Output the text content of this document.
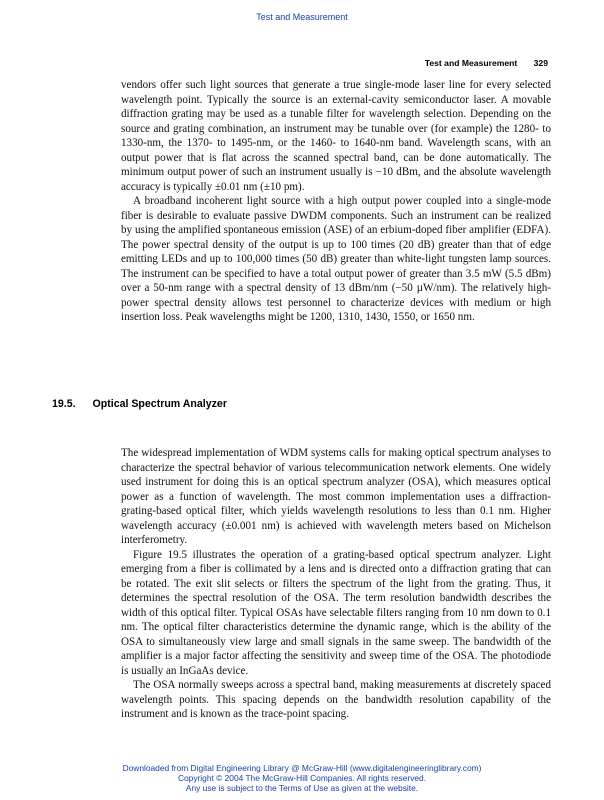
Test and Measurement
Test and Measurement 329

vendors offer such light sources that generate a true single-mode laser line for every selected wavelength point. Typically the source is an external-cavity semiconductor laser. A movable diffraction grating may be used as a tunable filter for wavelength selection. Depending on the source and grating combination, an instrument may be tunable over (for example) the 1280- to 1330-nm, the 1370- to 1495-nm, or the 1460- to 1640-nm band. Wavelength scans, with an output power that is flat across the scanned spectral band, can be done automatically. The minimum output power of such an instrument usually is −10 dBm, and the absolute wavelength accuracy is typically ±0.01 nm (±10 pm).

A broadband incoherent light source with a high output power coupled into a single-mode fiber is desirable to evaluate passive DWDM components. Such an instrument can be realized by using the amplified spontaneous emission (ASE) of an erbium-doped fiber amplifier (EDFA). The power spectral density of the output is up to 100 times (20 dB) greater than that of edge emitting LEDs and up to 100,000 times (50 dB) greater than white-light tungsten lamp sources. The instrument can be specified to have a total output power of greater than 3.5 mW (5.5 dBm) over a 50-nm range with a spectral density of 13 dBm/nm (−50 µW/nm). The relatively high-power spectral density allows test personnel to characterize devices with medium or high insertion loss. Peak wavelengths might be 1200, 1310, 1430, 1550, or 1650 nm.

19.5. Optical Spectrum Analyzer

The widespread implementation of WDM systems calls for making optical spectrum analyses to characterize the spectral behavior of various telecommunication network elements. One widely used instrument for doing this is an optical spectrum analyzer (OSA), which measures optical power as a function of wavelength. The most common implementation uses a diffraction-grating-based optical filter, which yields wavelength resolutions to less than 0.1 nm. Higher wavelength accuracy (±0.001 nm) is achieved with wavelength meters based on Michelson interferometry.

Figure 19.5 illustrates the operation of a grating-based optical spectrum analyzer. Light emerging from a fiber is collimated by a lens and is directed onto a diffraction grating that can be rotated. The exit slit selects or filters the spectrum of the light from the grating. Thus, it determines the spectral resolution of the OSA. The term resolution bandwidth describes the width of this optical filter. Typical OSAs have selectable filters ranging from 10 nm down to 0.1 nm. The optical filter characteristics determine the dynamic range, which is the ability of the OSA to simultaneously view large and small signals in the same sweep. The bandwidth of the amplifier is a major factor affecting the sensitivity and sweep time of the OSA. The photodiode is usually an InGaAs device.

The OSA normally sweeps across a spectral band, making measurements at discretely spaced wavelength points. This spacing depends on the bandwidth resolution capability of the instrument and is known as the trace-point spacing.

Downloaded from Digital Engineering Library @ McGraw-Hill (www.digitalengineeringlibrary.com)
Copyright © 2004 The McGraw-Hill Companies. All rights reserved.
Any use is subject to the Terms of Use as given at the website.
